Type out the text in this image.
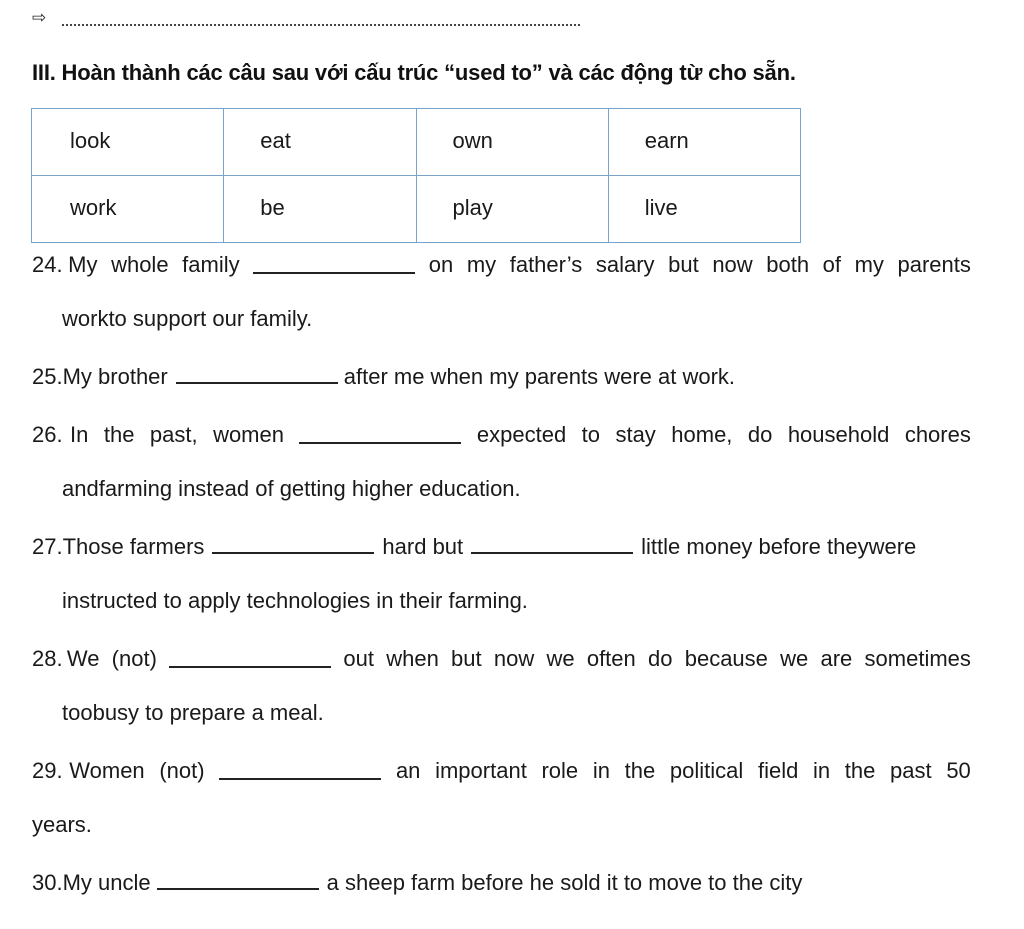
⇨
III. Hoàn thành các câu sau với cấu trúc “used to” và các động từ cho sẵn.
look	eat	own	earn
work	be	play	live
24. My whole family	on my father’s salary but now both of my parents
workto support our family.
25.My brother	after me when my parents were at work.
26. In the past, women	expected to stay home, do household chores
andfarming instead of getting higher education.
27.Those farmers	hard but	little money before theywere
instructed to apply technologies in their farming.
28. We (not)	out when but now we often do because we are sometimes
toobusy to prepare a meal.
29. Women (not)	an important role in the political field in the past 50
years.
30.My uncle	a sheep farm before he sold it to move to the city
